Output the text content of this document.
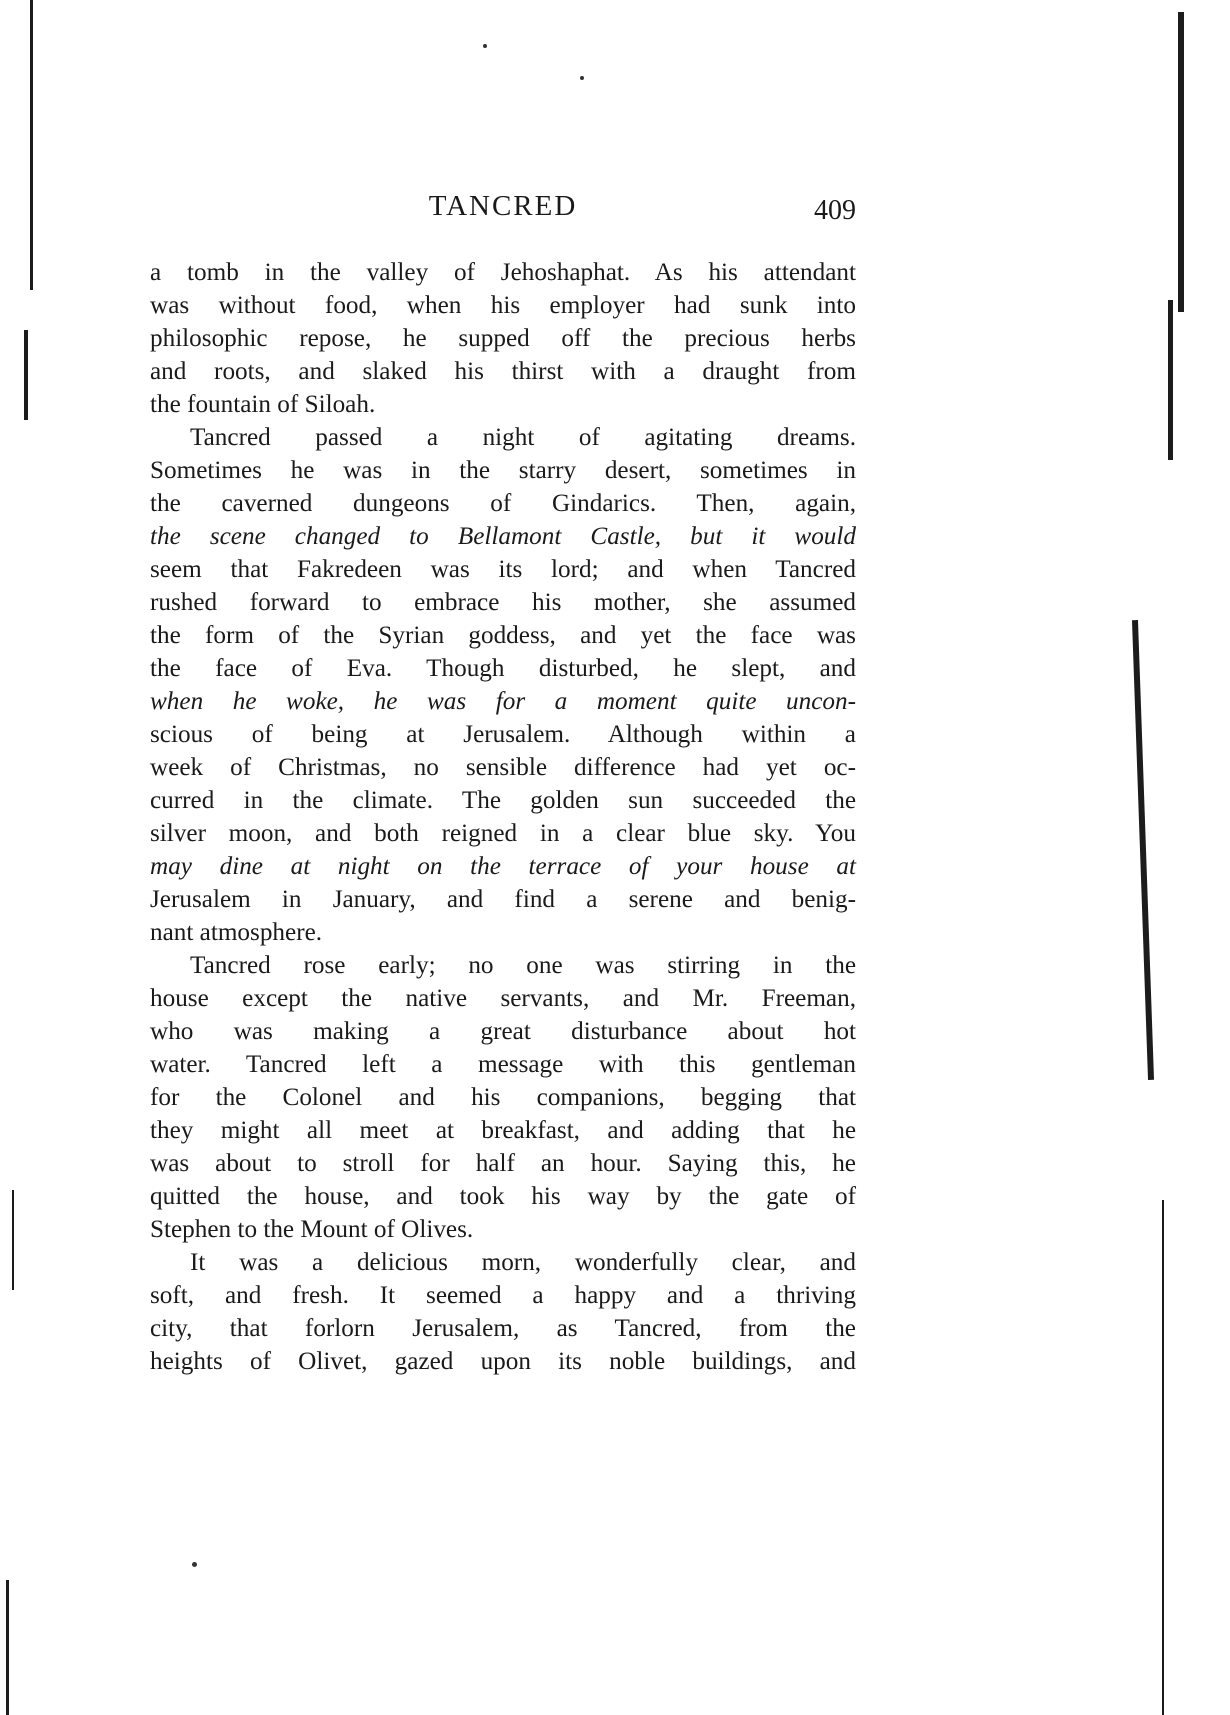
TANCRED	409

a tomb in the valley of Jehoshaphat. As his attendant
was without food, when his employer had sunk into
philosophic repose, he supped off the precious herbs
and roots, and slaked his thirst with a draught from
the fountain of Siloah.

Tancred passed a night of agitating dreams.
Sometimes he was in the starry desert, sometimes in
the caverned dungeons of Gindarics. Then, again,
the scene changed to Bellamont Castle, but it would
seem that Fakredeen was its lord; and when Tancred
rushed forward to embrace his mother, she assumed
the form of the Syrian goddess, and yet the face was
the face of Eva. Though disturbed, he slept, and
when he woke, he was for a moment quite uncon-
scious of being at Jerusalem. Although within a
week of Christmas, no sensible difference had yet oc-
curred in the climate. The golden sun succeeded the
silver moon, and both reigned in a clear blue sky. You
may dine at night on the terrace of your house at
Jerusalem in January, and find a serene and benig-
nant atmosphere.

Tancred rose early; no one was stirring in the
house except the native servants, and Mr. Freeman,
who was making a great disturbance about hot
water. Tancred left a message with this gentleman
for the Colonel and his companions, begging that
they might all meet at breakfast, and adding that he
was about to stroll for half an hour. Saying this, he
quitted the house, and took his way by the gate of
Stephen to the Mount of Olives.

It was a delicious morn, wonderfully clear, and
soft, and fresh. It seemed a happy and a thriving
city, that forlorn Jerusalem, as Tancred, from the
heights of Olivet, gazed upon its noble buildings, and
